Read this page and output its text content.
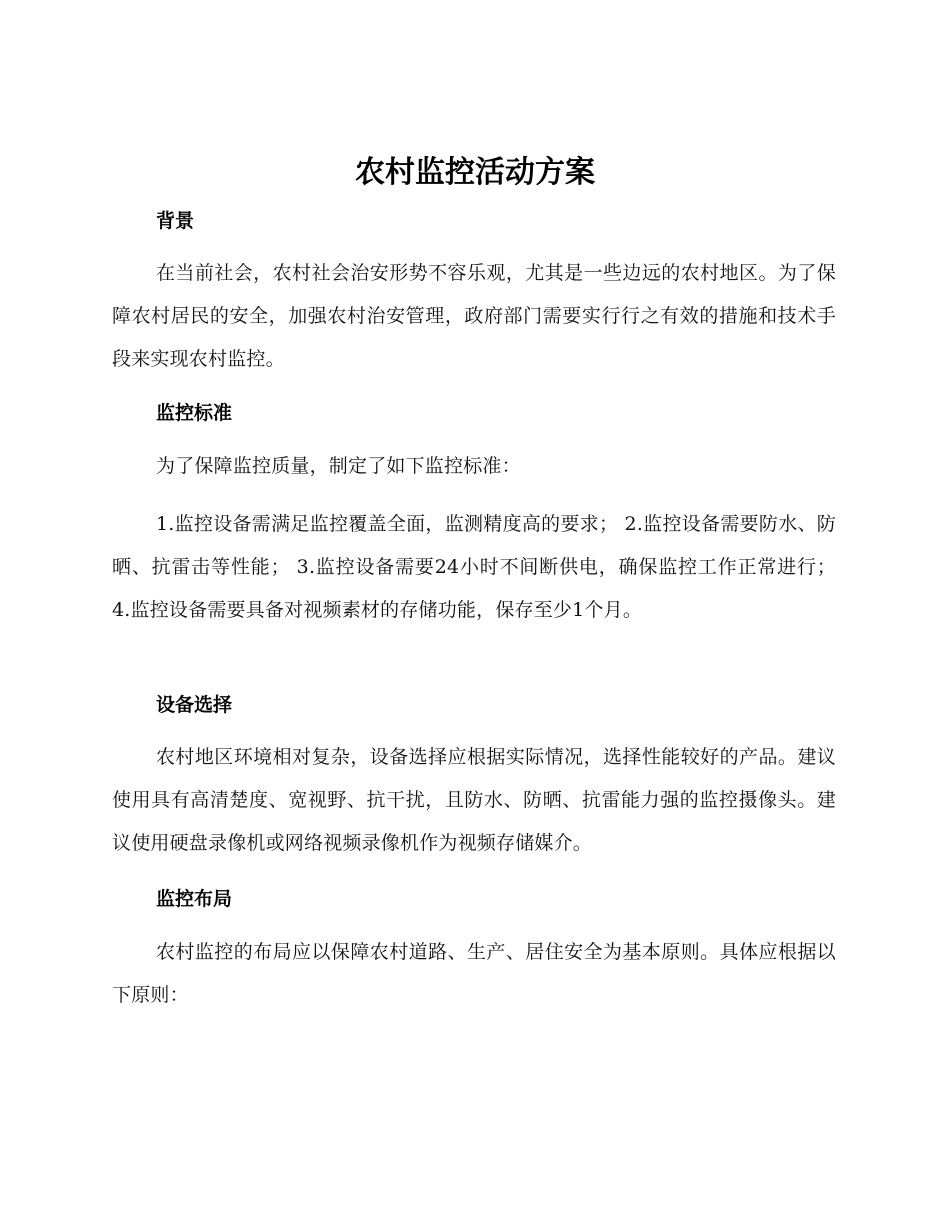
农村监控活动方案
背景

在当前社会，农村社会治安形势不容乐观，尤其是一些边远的农村地区。为了保障农村居民的安全，加强农村治安管理，政府部门需要实行行之有效的措施和技术手段来实现农村监控。

监控标准

为了保障监控质量，制定了如下监控标准：

1.监控设备需满足监控覆盖全面，监测精度高的要求； 2.监控设备需要防水、防晒、抗雷击等性能； 3.监控设备需要24小时不间断供电，确保监控工作正常进行； 4.监控设备需要具备对视频素材的存储功能，保存至少1个月。

设备选择

农村地区环境相对复杂，设备选择应根据实际情况，选择性能较好的产品。建议使用具有高清楚度、宽视野、抗干扰，且防水、防晒、抗雷能力强的监控摄像头。建议使用硬盘录像机或网络视频录像机作为视频存储媒介。

监控布局

农村监控的布局应以保障农村道路、生产、居住安全为基本原则。具体应根据以下原则：
